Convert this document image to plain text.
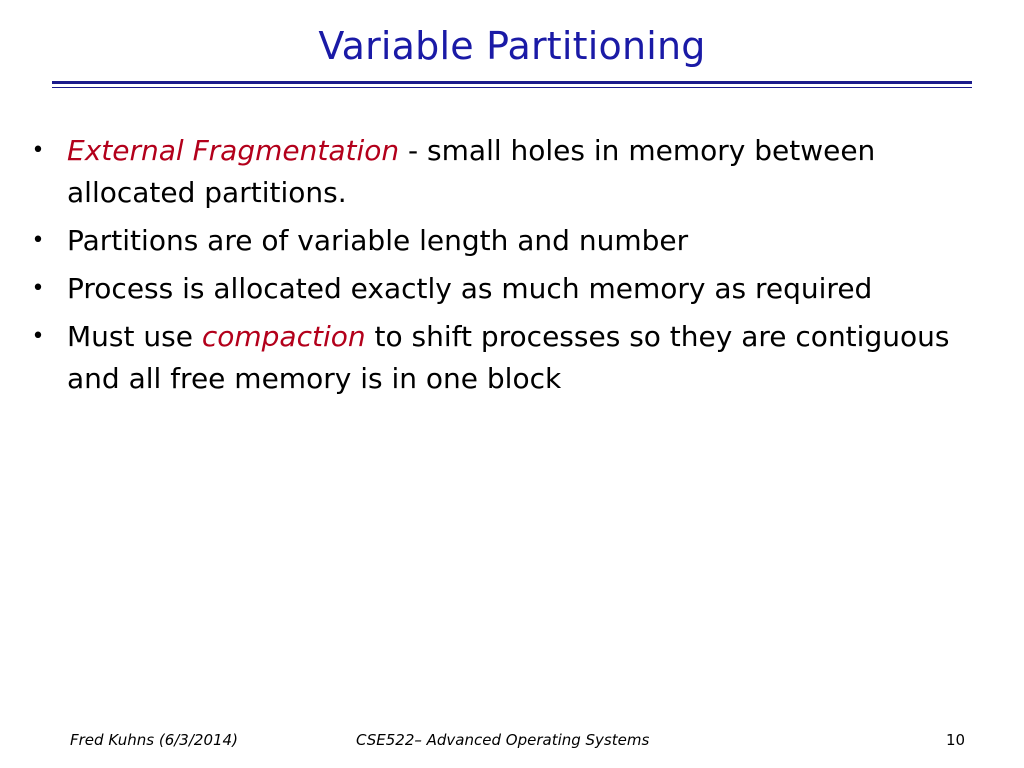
Variable Partitioning
• External Fragmentation - small holes in memory between allocated partitions.
• Partitions are of variable length and number
• Process is allocated exactly as much memory as required
• Must use compaction to shift processes so they are contiguous and all free memory is in one block
Fred Kuhns (6/3/2014)	CSE522– Advanced Operating Systems	10
